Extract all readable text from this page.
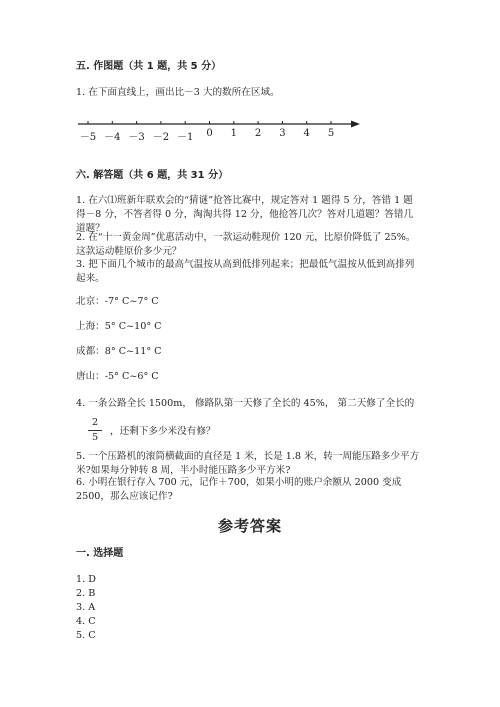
五. 作图题（共 1 题，共 5 分）
1. 在下面直线上，画出比－3 大的数所在区域。
－5 －4 －3 －2 －1 0 1 2 3 4 5
六. 解答题（共 6 题，共 31 分）
1. 在六⑴班新年联欢会的“猜谜”抢答比赛中，规定答对 1 题得 5 分，答错 1 题得－8 分，不答者得 0 分，淘淘共得 12 分，他抢答几次？答对几道题？答错几道题？
2. 在“十一黄金周”优惠活动中，一款运动鞋现价 120 元，比原价降低了 25%。这款运动鞋原价多少元？
3. 把下面几个城市的最高气温按从高到低排列起来；把最低气温按从低到高排列起来。
北京：-7° C~7° C
上海：5° C~10° C
成都：8° C~11° C
唐山：-5° C~6° C
4. 一条公路全长 1500m， 修路队第一天修了全长的 45%， 第二天修了全长的
2
5
，还剩下多少米没有修？
5. 一个压路机的滚筒横截面的直径是 1 米，长是 1.8 米，转一周能压路多少平方米?如果每分钟转 8 周，半小时能压路多少平方米?
6. 小明在银行存入 700 元，记作＋700，如果小明的账户余额从 2000 变成 2500，那么应该记作?
参考答案
一. 选择题
1. D
2. B
3. A
4. C
5. C
